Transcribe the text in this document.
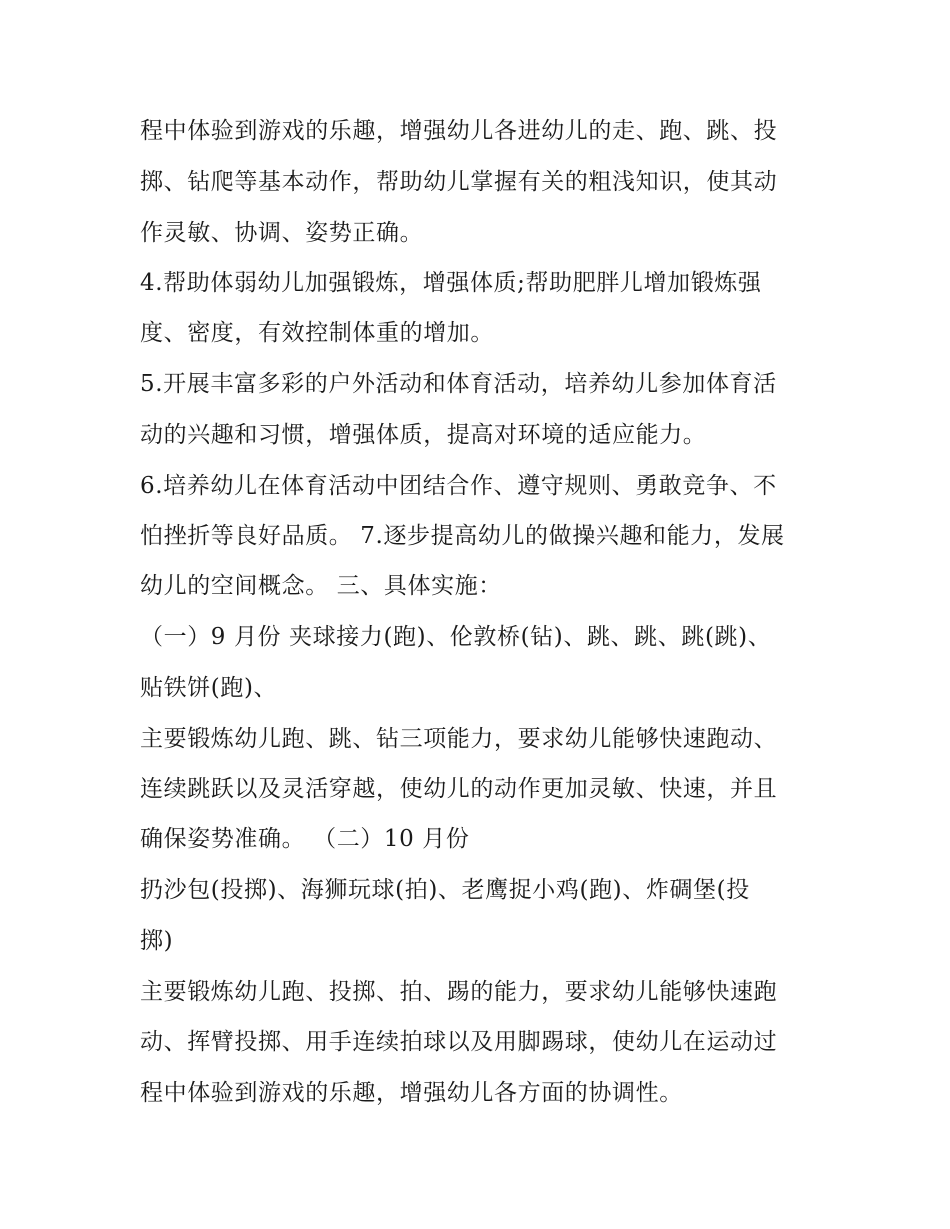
程中体验到游戏的乐趣，增强幼儿各进幼儿的走、跑、跳、投
掷、钻爬等基本动作，帮助幼儿掌握有关的粗浅知识，使其动
作灵敏、协调、姿势正确。
4.帮助体弱幼儿加强锻炼，增强体质;帮助肥胖儿增加锻炼强
度、密度，有效控制体重的增加。
5.开展丰富多彩的户外活动和体育活动，培养幼儿参加体育活
动的兴趣和习惯，增强体质，提高对环境的适应能力。
6.培养幼儿在体育活动中团结合作、遵守规则、勇敢竞争、不
怕挫折等良好品质。 7.逐步提高幼儿的做操兴趣和能力，发展
幼儿的空间概念。 三、具体实施：
（一）9 月份 夹球接力(跑)、伦敦桥(钻)、跳、跳、跳(跳)、
贴铁饼(跑)、
主要锻炼幼儿跑、跳、钻三项能力，要求幼儿能够快速跑动、
连续跳跃以及灵活穿越，使幼儿的动作更加灵敏、快速，并且
确保姿势准确。 （二）10 月份
扔沙包(投掷)、海狮玩球(拍)、老鹰捉小鸡(跑)、炸碉堡(投
掷)
主要锻炼幼儿跑、投掷、拍、踢的能力，要求幼儿能够快速跑
动、挥臂投掷、用手连续拍球以及用脚踢球，使幼儿在运动过
程中体验到游戏的乐趣，增强幼儿各方面的协调性。
